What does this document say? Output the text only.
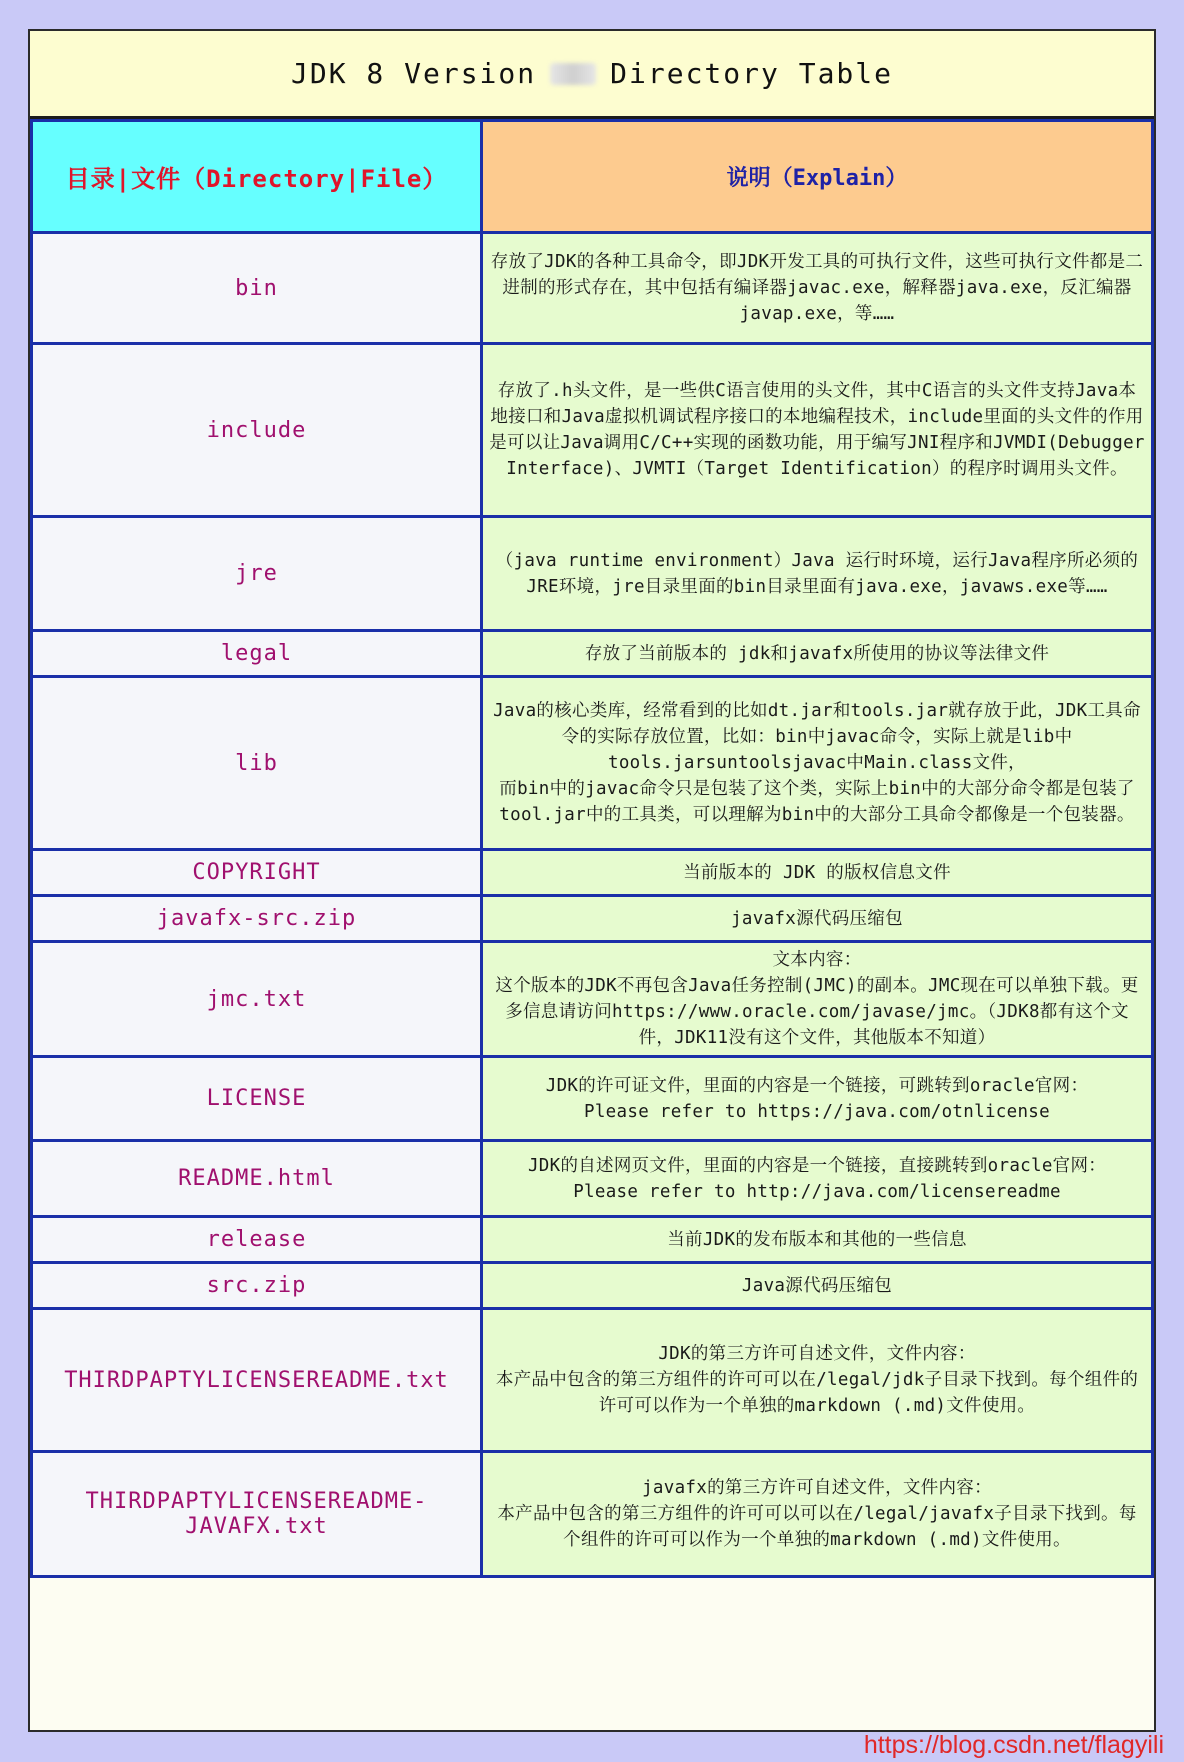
JDK 8 Version	Directory Table
目录|文件（Directory|File）	说明（Explain）
bin	存放了JDK的各种工具命令，即JDK开发工具的可执行文件，这些可执行文件都是二进制的形式存在，其中包括有编译器javac.exe，解释器java.exe，反汇编器javap.exe，等……
include	存放了.h头文件，是一些供C语言使用的头文件，其中C语言的头文件支持Java本地接口和Java虚拟机调试程序接口的本地编程技术，include里面的头文件的作用是可以让Java调用C/C++实现的函数功能，用于编写JNI程序和JVMDI(Debugger Interface)、JVMTI（Target Identification）的程序时调用头文件。
jre	（java runtime environment）Java 运行时环境，运行Java程序所必须的JRE环境，jre目录里面的bin目录里面有java.exe，javaws.exe等……
legal	存放了当前版本的 jdk和javafx所使用的协议等法律文件
lib	Java的核心类库，经常看到的比如dt.jar和tools.jar就存放于此，JDK工具命令的实际存放位置，比如：bin中javac命令，实际上就是lib中tools.jarsuntoolsjavac中Main.class文件，
而bin中的javac命令只是包装了这个类，实际上bin中的大部分命令都是包装了tool.jar中的工具类，可以理解为bin中的大部分工具命令都像是一个包装器。
COPYRIGHT	当前版本的 JDK 的版权信息文件
javafx-src.zip	javafx源代码压缩包
jmc.txt	文本内容：
这个版本的JDK不再包含Java任务控制(JMC)的副本。JMC现在可以单独下载。更多信息请访问https://www.oracle.com/javase/jmc。（JDK8都有这个文件，JDK11没有这个文件，其他版本不知道）
LICENSE	JDK的许可证文件，里面的内容是一个链接，可跳转到oracle官网：
Please refer to https://java.com/otnlicense
README.html	JDK的自述网页文件，里面的内容是一个链接，直接跳转到oracle官网：
Please refer to http://java.com/licensereadme
release	当前JDK的发布版本和其他的一些信息
src.zip	Java源代码压缩包
THIRDPAPTYLICENSEREADME.txt	JDK的第三方许可自述文件，文件内容：
本产品中包含的第三方组件的许可可以在/legal/jdk子目录下找到。每个组件的许可可以作为一个单独的markdown (.md)文件使用。
THIRDPAPTYLICENSEREADME-JAVAFX.txt	javafx的第三方许可自述文件，文件内容：
本产品中包含的第三方组件的许可可以可以在/legal/javafx子目录下找到。每个组件的许可可以作为一个单独的markdown (.md)文件使用。
https://blog.csdn.net/flagyili
